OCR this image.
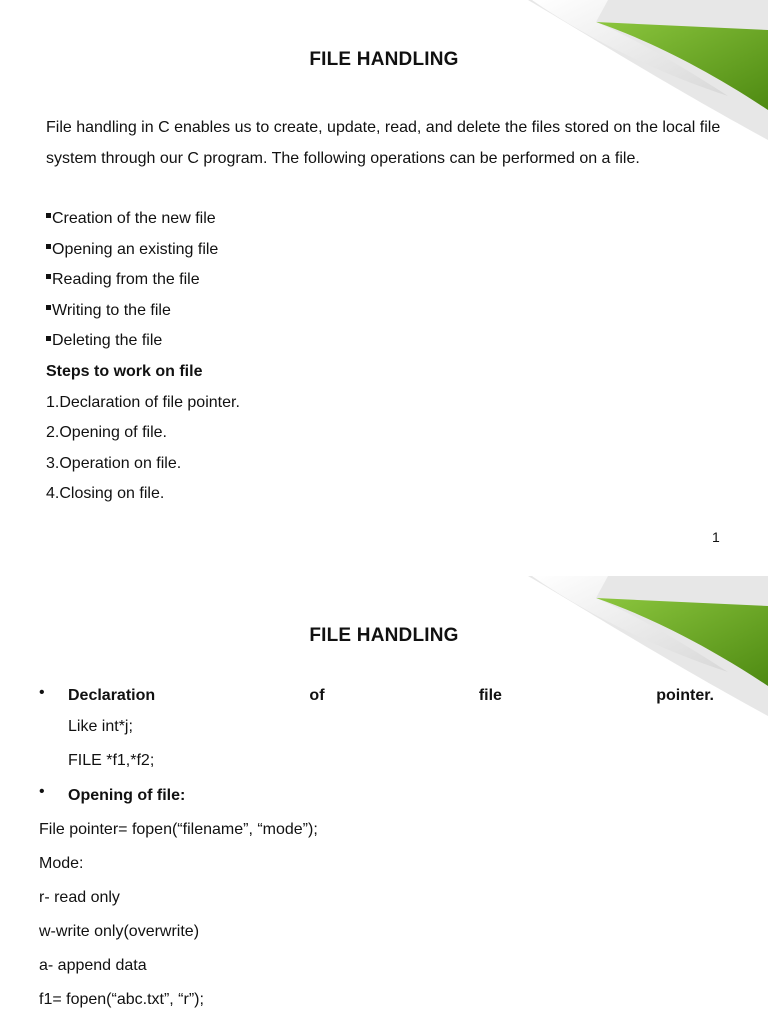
FILE HANDLING
File handling in C enables us to create, update, read, and delete the files stored on the local file system through our C program. The following operations can be performed on a file.
Creation of the new file
Opening an existing file
Reading from the file
Writing to the file
Deleting the file
Steps to work on file
1.Declaration of file pointer.
2.Opening of file.
3.Operation on file.
4.Closing on file.
1
FILE HANDLING
• Declaration	of	file	pointer.
Like int*j;
FILE *f1,*f2;
• Opening of file:
File pointer= fopen(“filename”, “mode”);
Mode:
r- read only
w-write only(overwrite)
a- append data
f1= fopen(“abc.txt”, “r”);
